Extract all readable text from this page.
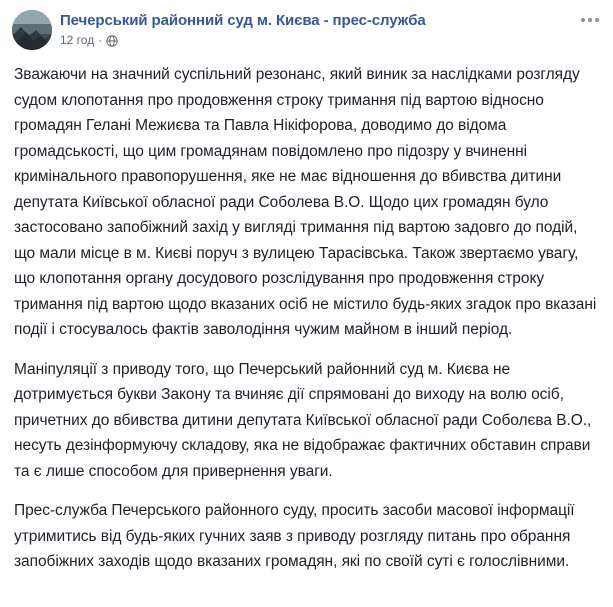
Печерський районний суд м. Києва - прес-служба
12 год ·

Зважаючи на значний суспільний резонанс, який виник за наслідками розгляду судом клопотання про продовження строку тримання під вартою відносно громадян Гелані Межиєва та Павла Нікіфорова, доводимо до відома громадськості, що цим громадянам повідомлено про підозру у вчиненні кримінального правопорушення, яке не має відношення до вбивства дитини депутата Київської обласної ради Соболева В.О. Щодо цих громадян було застосовано запобіжний захід у вигляді тримання під вартою задовго до подій, що мали місце в м. Києві поруч з вулицею Тарасівська. Також звертаємо увагу, що клопотання органу досудового розслідування про продовження строку тримання під вартою щодо вказаних осіб не містило будь-яких згадок про вказані події і стосувалось фактів заволодіння чужим майном в інший період.

Маніпуляції з приводу того, що Печерський районний суд м. Києва не дотримується букви Закону та вчиняє дії спрямовані до виходу на волю осіб, причетних до вбивства дитини депутата Київської обласної ради Соболєва В.О., несуть дезінформуючу складову, яка не відображає фактичних обставин справи та є лише способом для привернення уваги.

Прес-служба Печерського районного суду, просить засоби масової інформації утримитись від будь-яких гучних заяв з приводу розгляду питань про обрання запобіжних заходів щодо вказаних громадян, які по своїй суті є голослівними.
